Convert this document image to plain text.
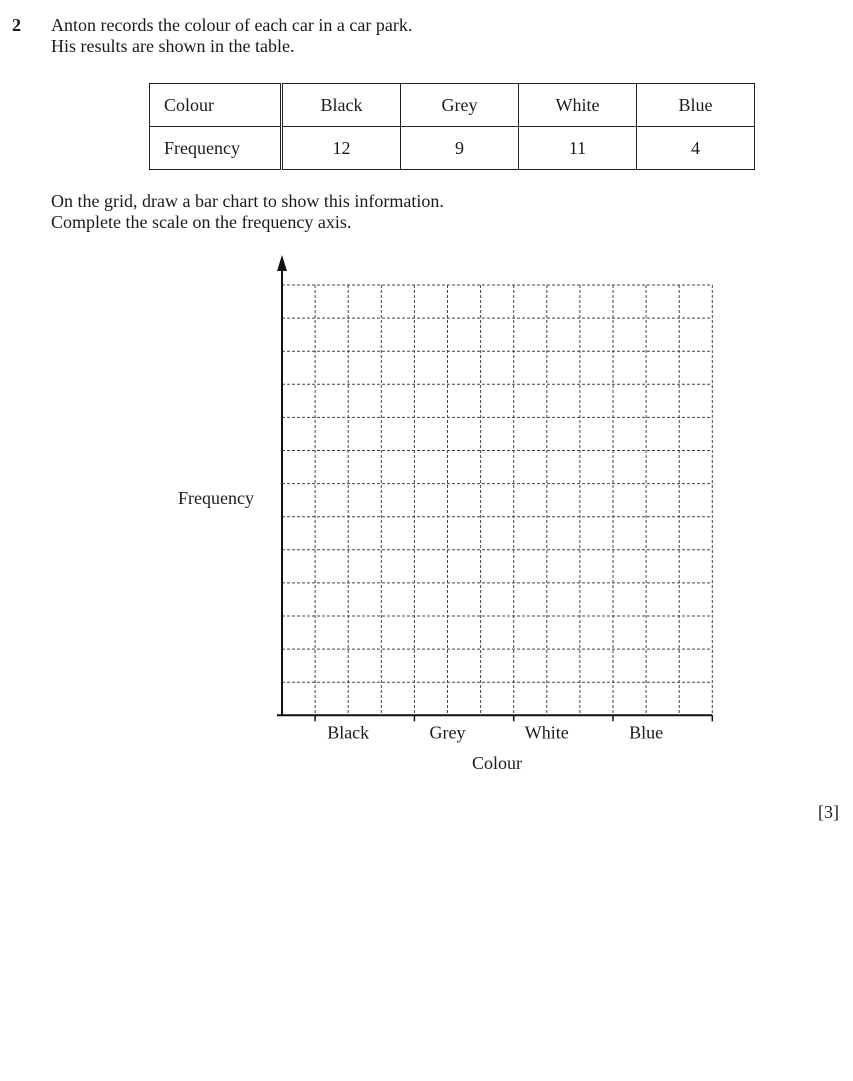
2 Anton records the colour of each car in a car park.
His results are shown in the table.
Colour	Black	Grey	White	Blue
Frequency	12	9	11	4
On the grid, draw a bar chart to show this information.
Complete the scale on the frequency axis.
Frequency
Black	Grey	White	Blue
Colour
[3]
